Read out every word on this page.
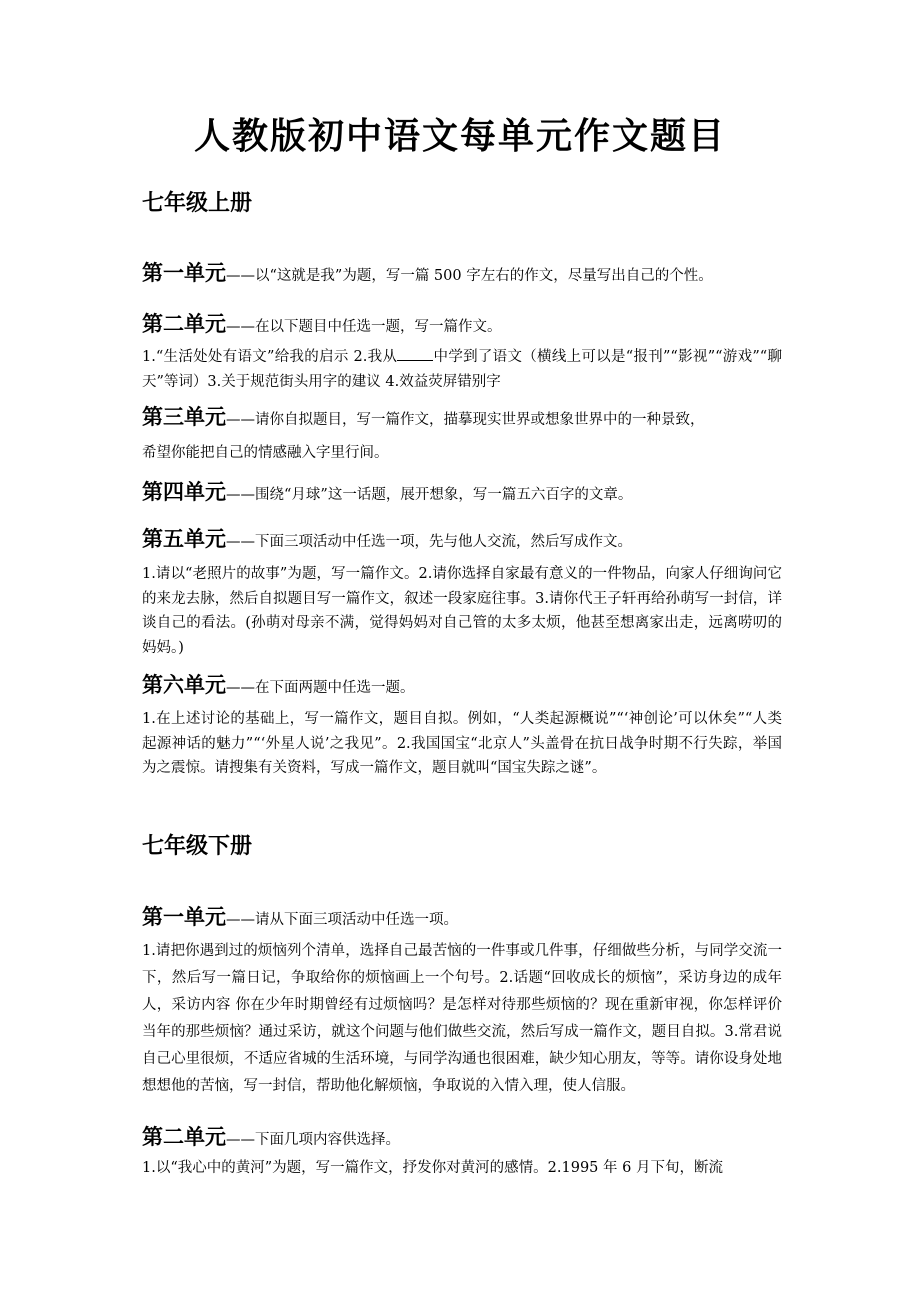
人教版初中语文每单元作文题目
七年级上册
第一单元——以“这就是我”为题，写一篇 500 字左右的作文，尽量写出自己的个性。
第二单元——在以下题目中任选一题，写一篇作文。
1.“生活处处有语文”给我的启示 2.我从 中学到了语文（横线上可以是“报刊”“影视”“游戏”“聊天”等词）3.关于规范街头用字的建议 4.效益荧屏错别字
第三单元——请你自拟题目，写一篇作文，描摹现实世界或想象世界中的一种景致，
希望你能把自己的情感融入字里行间。
第四单元——围绕“月球”这一话题，展开想象，写一篇五六百字的文章。
第五单元——下面三项活动中任选一项，先与他人交流，然后写成作文。
1.请以“老照片的故事”为题，写一篇作文。2.请你选择自家最有意义的一件物品，向家人仔细询问它的来龙去脉，然后自拟题目写一篇作文，叙述一段家庭往事。3.请你代王子轩再给孙萌写一封信，详谈自己的看法。(孙萌对母亲不满，觉得妈妈对自己管的太多太烦，他甚至想离家出走，远离唠叨的妈妈。)
第六单元——在下面两题中任选一题。
1.在上述讨论的基础上，写一篇作文，题目自拟。例如，“人类起源概说”“‘神创论’可以休矣”“人类起源神话的魅力”“‘外星人说’之我见”。2.我国国宝“北京人”头盖骨在抗日战争时期不行失踪，举国为之震惊。请搜集有关资料，写成一篇作文，题目就叫“国宝失踪之谜”。
七年级下册
第一单元——请从下面三项活动中任选一项。
1.请把你遇到过的烦恼列个清单，选择自己最苦恼的一件事或几件事，仔细做些分析，与同学交流一下，然后写一篇日记，争取给你的烦恼画上一个句号。2.话题“回收成长的烦恼”，采访身边的成年人，采访内容 你在少年时期曾经有过烦恼吗？是怎样对待那些烦恼的？现在重新审视，你怎样评价当年的那些烦恼？通过采访，就这个问题与他们做些交流，然后写成一篇作文，题目自拟。3.常君说自己心里很烦，不适应省城的生活环境，与同学沟通也很困难，缺少知心朋友，等等。请你设身处地想想他的苦恼，写一封信，帮助他化解烦恼，争取说的入情入理，使人信服。
第二单元——下面几项内容供选择。
1.以“我心中的黄河”为题，写一篇作文，抒发你对黄河的感情。2.1995 年 6 月下旬，断流
